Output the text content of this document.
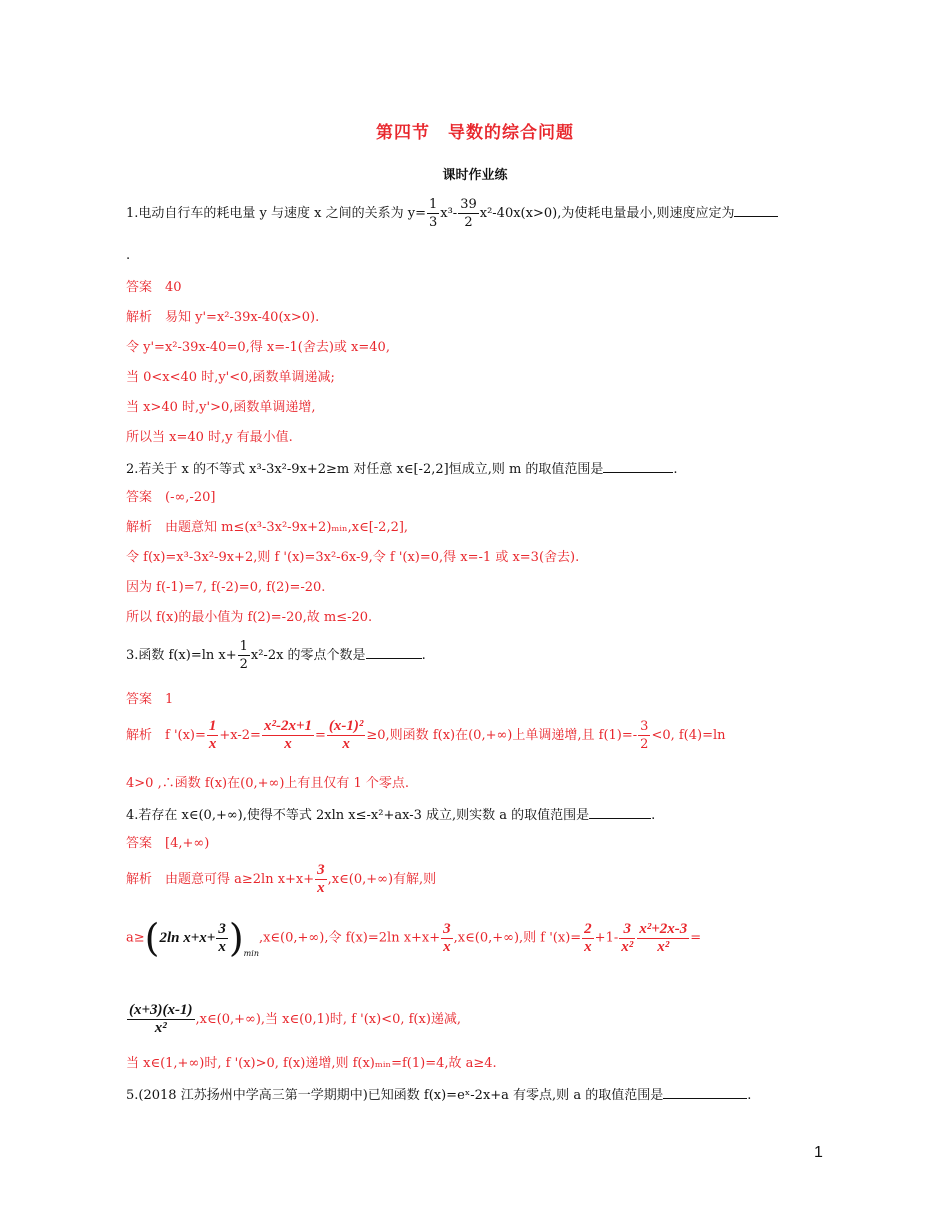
第四节　导数的综合问题
课时作业练
1.电动自行车的耗电量 y 与速度 x 之间的关系为 $y= \frac{1}{3} x^3- \frac{39}{2} x^2-40x(x>0)$,为使耗电量最小,则速度应定为
.
答案　40
解析　易知 y'=x²-39x-40(x>0).
令 y'=x²-39x-40=0,得 x=-1(舍去)或 x=40,
当 0<x<40 时,y'<0,函数单调递减;
当 x>40 时,y'>0,函数单调递增,
所以当 x=40 时,y 有最小值.
2.若关于 x 的不等式 x³-3x²-9x+2≥m 对任意 x∈[-2,2]恒成立,则 m 的取值范围是	.
答案　(-∞,-20]
解析　由题意知 m≤(x³-3x²-9x+2)ₘᵢₙ,x∈[-2,2],
令 f(x)=x³-3x²-9x+2,则 f '(x)=3x²-6x-9,令 f '(x)=0,得 x=-1 或 x=3(舍去).
因为 f(-1)=7, f(-2)=0, f(2)=-20.
所以 f(x)的最小值为 f(2)=-20,故 m≤-20.
3.函数 f(x)=ln $x+ \frac{1}{2} x^2-2x$ 的零点个数是	.
答案　1
解析　f '$(x)= \frac{1}{x} +x-2= \frac{\text{x²-2x+1}}{x} = \frac{\text{(x-1)²}}{x} \ge 0$,则函数 f(x)在(0,+∞)上单调递增,且 $f(1)=- \frac{3}{2} <0$, f(4)=ln
4>0 ,∴函数 f(x)在(0,+∞)上有且仅有 1 个零点.
4.若存在 x∈(0,+∞),使得不等式 2xln x≤-x²+ax-3 成立,则实数 a 的取值范围是	.
答案　[4,+∞)
解析　由题意可得 a≥2ln $x+x+ \frac{3}{x}$ ,x∈(0,+∞)有解,则
a≥(2ln $x+x+ \frac{3}{x}$ )$_{min},x\in(0,+\infty)$,令 f(x)=2ln $x+x+ \frac{3}{x}$ ,x∈(0,+∞),则 f '$(x)= \frac{2}{x} +1- \frac{3}{\text{x²}} \frac{\text{x²+2x-3}}{\text{x²}}$ =
$\frac{(x+3)(x-1)}{\text{x²}}$ ,x∈(0,+∞),当 x∈(0,1)时, f '(x)<0, f(x)递减,
当 x∈(1,+∞)时, f '(x)>0, f(x)递增,则 f(x)ₘᵢₙ=f(1)=4,故 a≥4.
5.(2018 江苏扬州中学高三第一学期期中)已知函数 f(x)=eˣ-2x+a 有零点,则 a 的取值范围是	.
1
